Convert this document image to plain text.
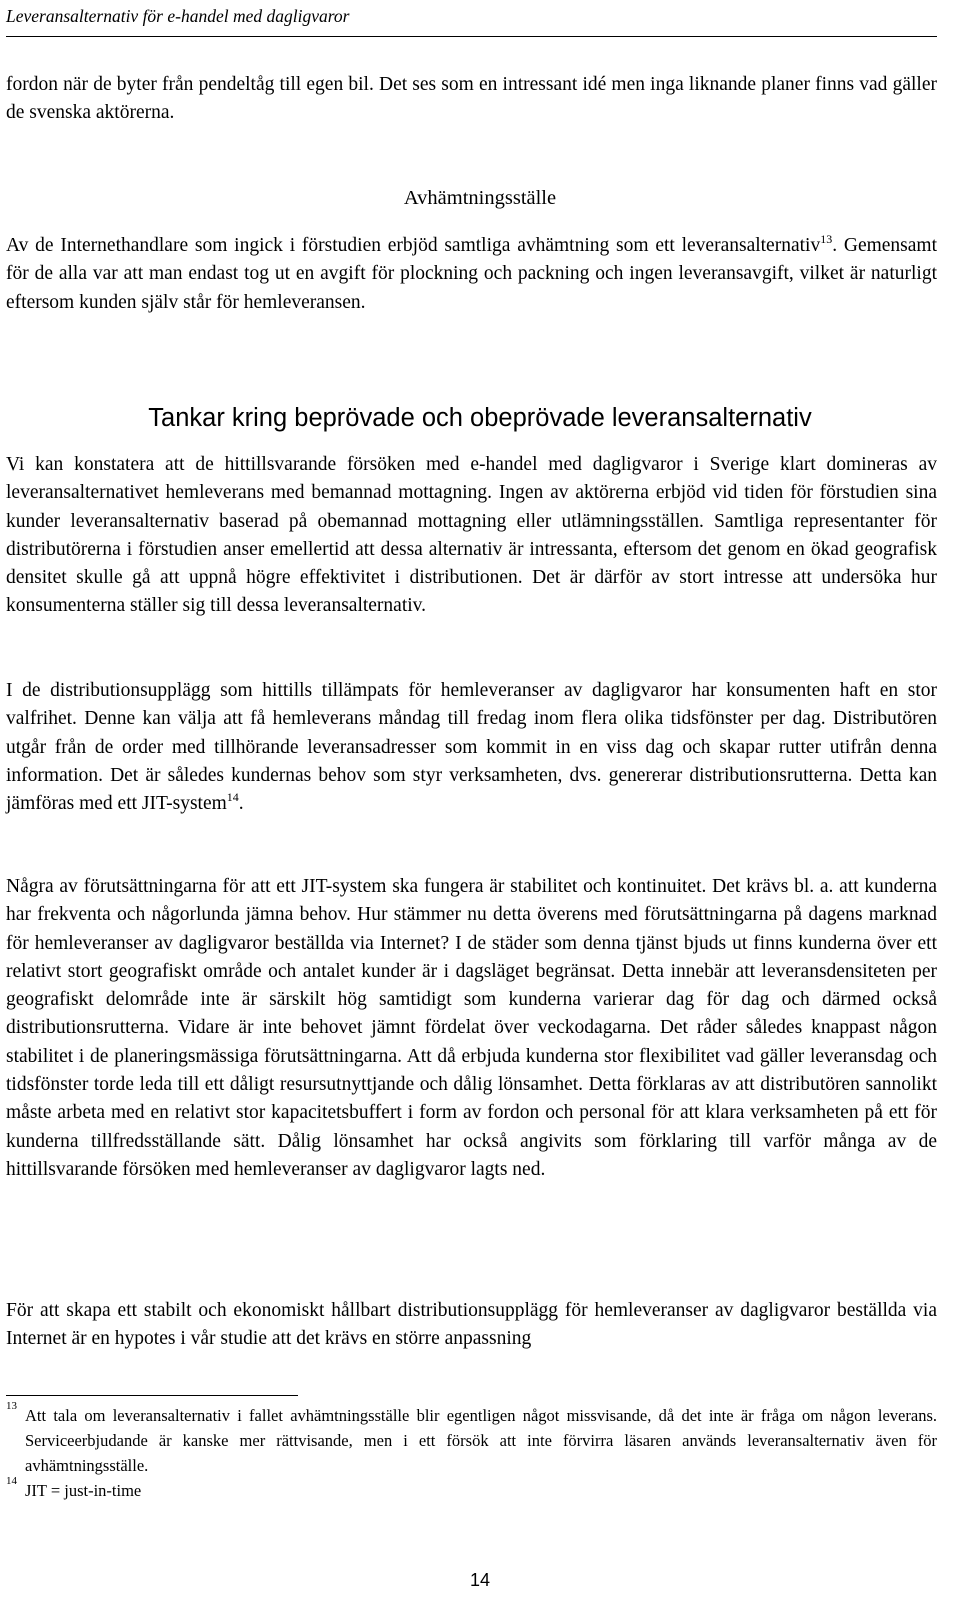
Leveransalternativ för e-handel med dagligvaror

fordon när de byter från pendeltåg till egen bil. Det ses som en intressant idé men inga liknande planer finns vad gäller de svenska aktörerna.

Avhämtningsställe

Av de Internethandlare som ingick i förstudien erbjöd samtliga avhämtning som ett leveransalternativ$^{13}$. Gemensamt för de alla var att man endast tog ut en avgift för plockning och packning och ingen leveransavgift, vilket är naturligt eftersom kunden själv står för hemleveransen.

Tankar kring beprövade och obeprövade leveransalternativ

Vi kan konstatera att de hittillsvarande försöken med e-handel med dagligvaror i Sverige klart domineras av leveransalternativet hemleverans med bemannad mottagning. Ingen av aktörerna erbjöd vid tiden för förstudien sina kunder leveransalternativ baserad på obemannad mottagning eller utlämningsställen. Samtliga representanter för distributörerna i förstudien anser emellertid att dessa alternativ är intressanta, eftersom det genom en ökad geografisk densitet skulle gå att uppnå högre effektivitet i distributionen. Det är därför av stort intresse att undersöka hur konsumenterna ställer sig till dessa leveransalternativ.

I de distributionsupplägg som hittills tillämpats för hemleveranser av dagligvaror har konsumenten haft en stor valfrihet. Denne kan välja att få hemleverans måndag till fredag inom flera olika tidsfönster per dag. Distributören utgår från de order med tillhörande leveransadresser som kommit in en viss dag och skapar rutter utifrån denna information. Det är således kundernas behov som styr verksamheten, dvs. genererar distributionsrutterna. Detta kan jämföras med ett JIT-system$^{14}$.

Några av förutsättningarna för att ett JIT-system ska fungera är stabilitet och kontinuitet. Det krävs bl. a. att kunderna har frekventa och någorlunda jämna behov. Hur stämmer nu detta överens med förutsättningarna på dagens marknad för hemleveranser av dagligvaror beställda via Internet? I de städer som denna tjänst bjuds ut finns kunderna över ett relativt stort geografiskt område och antalet kunder är i dagsläget begränsat. Detta innebär att leveransdensiteten per geografiskt delområde inte är särskilt hög samtidigt som kunderna varierar dag för dag och därmed också distributionsrutterna. Vidare är inte behovet jämnt fördelat över veckodagarna. Det råder således knappast någon stabilitet i de planeringsmässiga förutsättningarna. Att då erbjuda kunderna stor flexibilitet vad gäller leveransdag och tidsfönster torde leda till ett dåligt resursutnyttjande och dålig lönsamhet. Detta förklaras av att distributören sannolikt måste arbeta med en relativt stor kapacitetsbuffert i form av fordon och personal för att klara verksamheten på ett för kunderna tillfredsställande sätt. Dålig lönsamhet har också angivits som förklaring till varför många av de hittillsvarande försöken med hemleveranser av dagligvaror lagts ned.

För att skapa ett stabilt och ekonomiskt hållbart distributionsupplägg för hemleveranser av dagligvaror beställda via Internet är en hypotes i vår studie att det krävs en större anpassning

13 Att tala om leveransalternativ i fallet avhämtningsställe blir egentligen något missvisande, då det inte är fråga om någon leverans. Serviceerbjudande är kanske mer rättvisande, men i ett försök att inte förvirra läsaren används leveransalternativ även för avhämtningsställe.
14 JIT = just-in-time
14
